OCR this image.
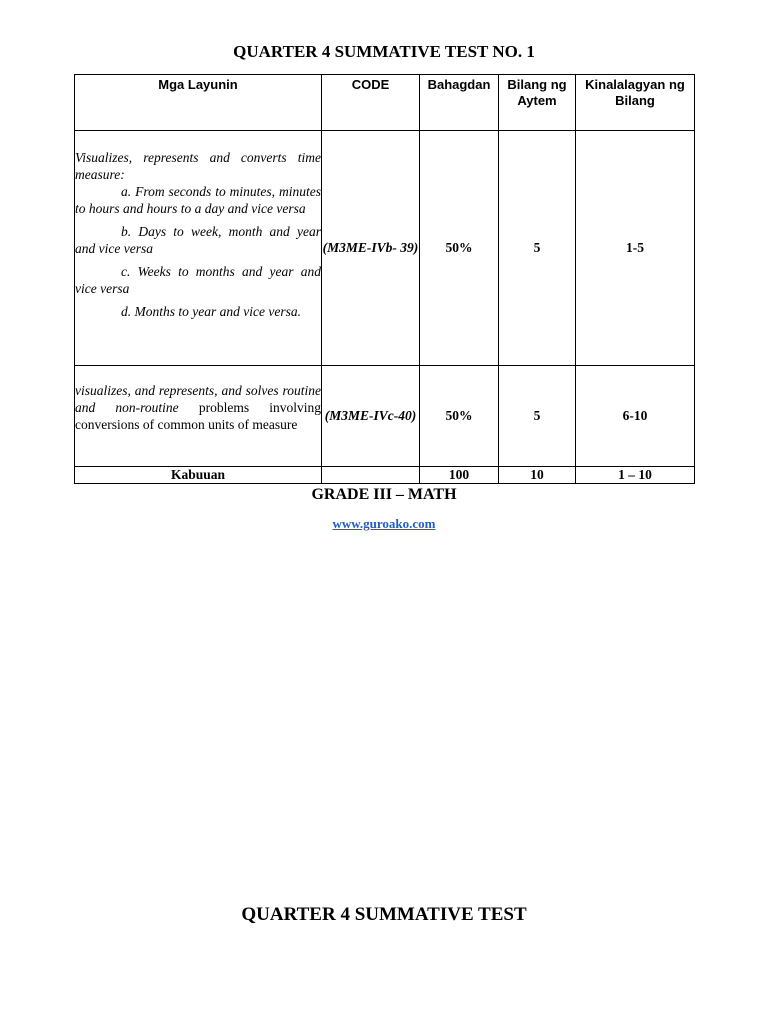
QUARTER 4 SUMMATIVE TEST NO. 1
Mga Layunin	CODE	Bahagdan	Bilang ng Aytem	Kinalalagyan ng Bilang

Visualizes, represents and converts time measure:

a. From seconds to minutes, minutes to hours and hours to a day and vice versa

b. Days to week, month and year and vice versa

c. Weeks to months and year and vice versa

d. Months to year and vice versa.	(M3ME-IVb- 39)	50%	5	1-5

visualizes, and represents, and solves routine and non-routine problems involving conversions of common units of measure	(M3ME-IVc-40)	50%	5	6-10
Kabuuan		100	10	1 – 10
GRADE III – MATH
www.guroako.com
QUARTER 4 SUMMATIVE TEST
